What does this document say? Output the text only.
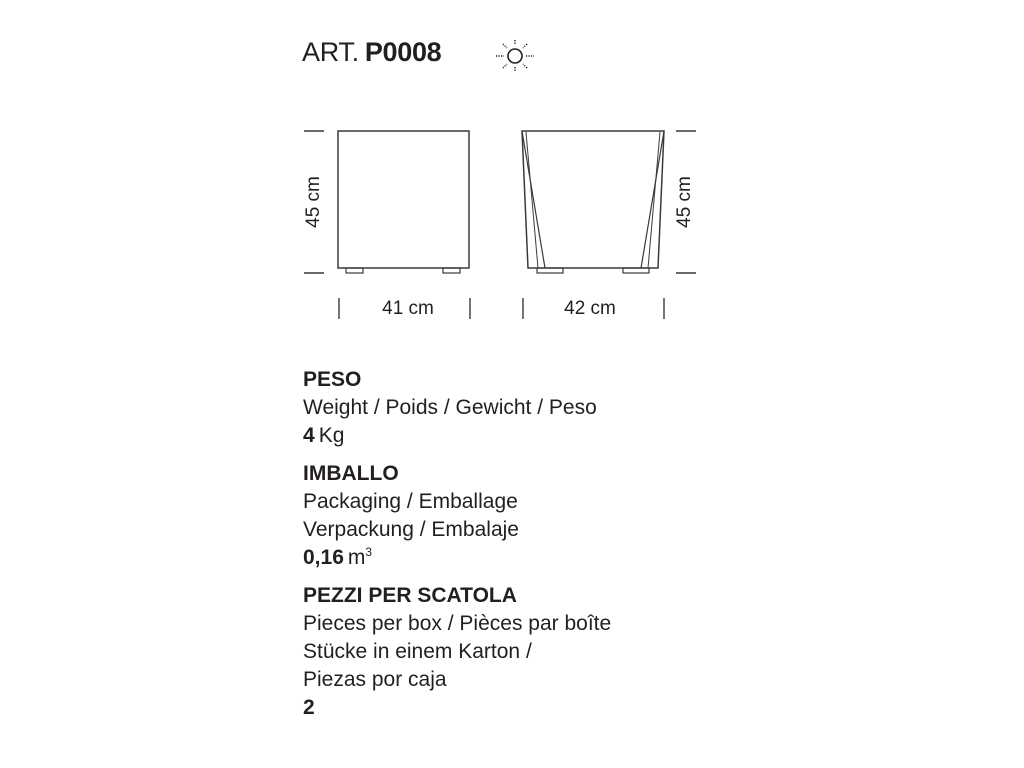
ART. P0008
45 cm	45 cm
41 cm	42 cm
PESO
Weight / Poids / Gewicht / Peso
4 Kg
IMBALLO
Packaging / Emballage
Verpackung / Embalaje
0,16 $m^3$
PEZZI PER SCATOLA
Pieces per box / Pièces par boîte
Stücke in einem Karton /
Piezas por caja
2
